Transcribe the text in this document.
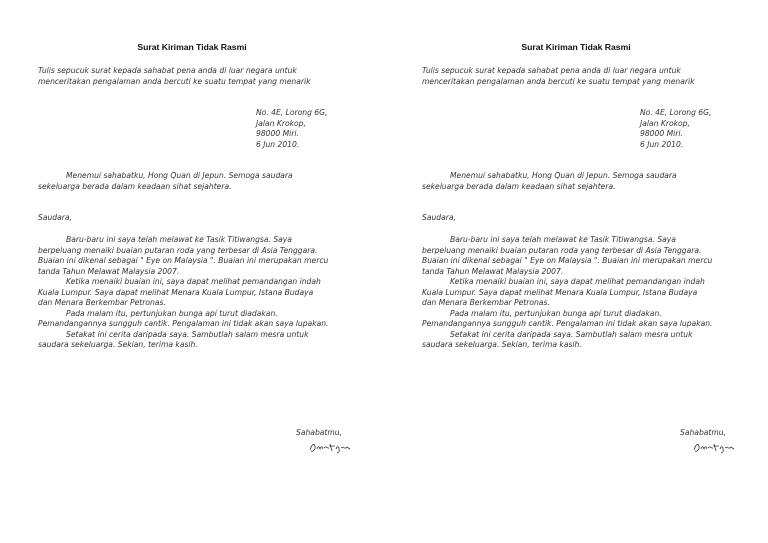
Surat Kiriman Tidak Rasmi

Tulis sepucuk surat kepada sahabat pena anda di luar negara untuk

menceritakan pengalaman anda bercuti ke suatu tempat yang menarik

No. 4E, Lorong 6G,

Jalan Krokop,

98000 Miri.

6 Jun 2010.

Menemui sahabatku, Hong Quan di Jepun. Semoga saudara

sekeluarga berada dalam keadaan sihat sejahtera.

Saudara,

Baru-baru ini saya telah melawat ke Tasik Titiwangsa. Saya

berpeluang menaiki buaian putaran roda yang terbesar di Asia Tenggara.

Buaian ini dikenal sebagai " Eye on Malaysia ". Buaian ini merupakan mercu

tanda Tahun Melawat Malaysia 2007.

Ketika menaiki buaian ini, saya dapat melihat pemandangan indah

Kuala Lumpur. Saya dapat melihat Menara Kuala Lumpur, Istana Budaya

dan Menara Berkembar Petronas.

Pada malam itu, pertunjukan bunga api turut diadakan.

Pemandangannya sungguh cantik. Pengalaman ini tidak akan saya lupakan.

Setakat ini cerita daripada saya. Sambutlah salam mesra untuk

saudara sekeluarga. Sekian, terima kasih.

Sahabatmu,
Surat Kiriman Tidak Rasmi

Tulis sepucuk surat kepada sahabat pena anda di luar negara untuk

menceritakan pengalaman anda bercuti ke suatu tempat yang menarik

No. 4E, Lorong 6G,

Jalan Krokop,

98000 Miri.

6 Jun 2010.

Menemui sahabatku, Hong Quan di Jepun. Semoga saudara

sekeluarga berada dalam keadaan sihat sejahtera.

Saudara,

Baru-baru ini saya telah melawat ke Tasik Titiwangsa. Saya

berpeluang menaiki buaian putaran roda yang terbesar di Asia Tenggara.

Buaian ini dikenal sebagai " Eye on Malaysia ". Buaian ini merupakan mercu

tanda Tahun Melawat Malaysia 2007.

Ketika menaiki buaian ini, saya dapat melihat pemandangan indah

Kuala Lumpur. Saya dapat melihat Menara Kuala Lumpur, Istana Budaya

dan Menara Berkembar Petronas.

Pada malam itu, pertunjukan bunga api turut diadakan.

Pemandangannya sungguh cantik. Pengalaman ini tidak akan saya lupakan.

Setakat ini cerita daripada saya. Sambutlah salam mesra untuk

saudara sekeluarga. Sekian, terima kasih.

Sahabatmu,
